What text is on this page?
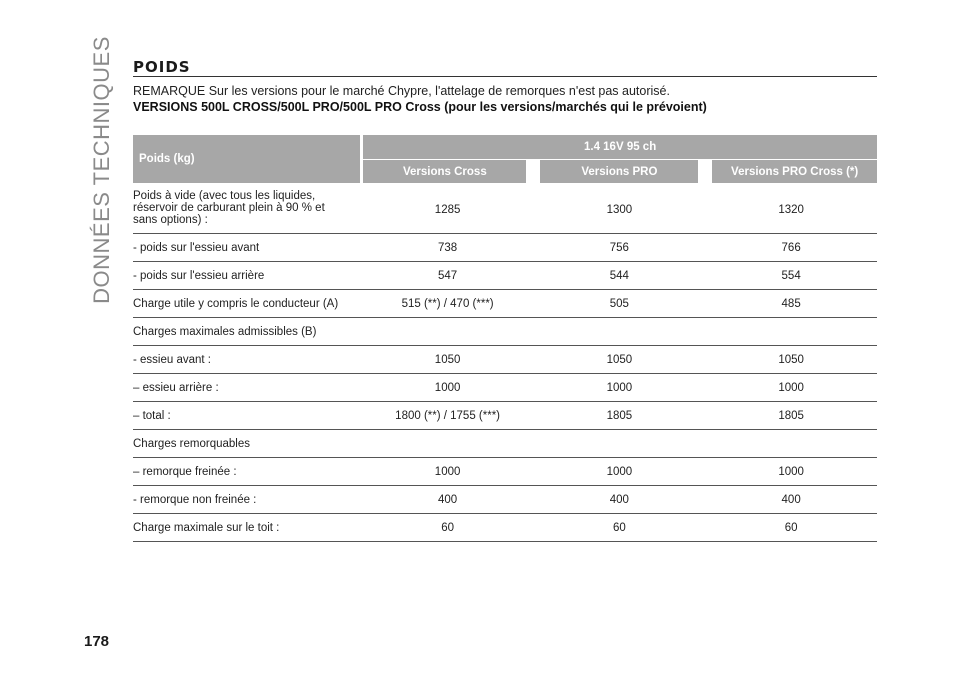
DONNÉES TECHNIQUES POIDS
REMARQUE Sur les versions pour le marché Chypre, l'attelage de remorques n'est pas autorisé.
VERSIONS 500L CROSS/500L PRO/500L PRO Cross (pour les versions/marchés qui le prévoient)
Poids (kg)	1.4 16V 95 ch		
	Versions Cross	Versions PRO	Versions PRO Cross (*)
Poids à vide (avec tous les liquides, réservoir de carburant plein à 90 % et sans options) :	1285	1300	1320
- poids sur l'essieu avant	738	756	766
- poids sur l'essieu arrière	547	544	554
Charge utile y compris le conducteur (A)	515 (**) / 470 (***)	505	485
Charges maximales admissibles (B)			
- essieu avant :	1050	1050	1050
– essieu arrière :	1000	1000	1000
– total :	1800 (**) / 1755 (***)	1805	1805
Charges remorquables			
– remorque freinée :	1000	1000	1000
- remorque non freinée :	400	400	400
Charge maximale sur le toit :	60	60	60
178
